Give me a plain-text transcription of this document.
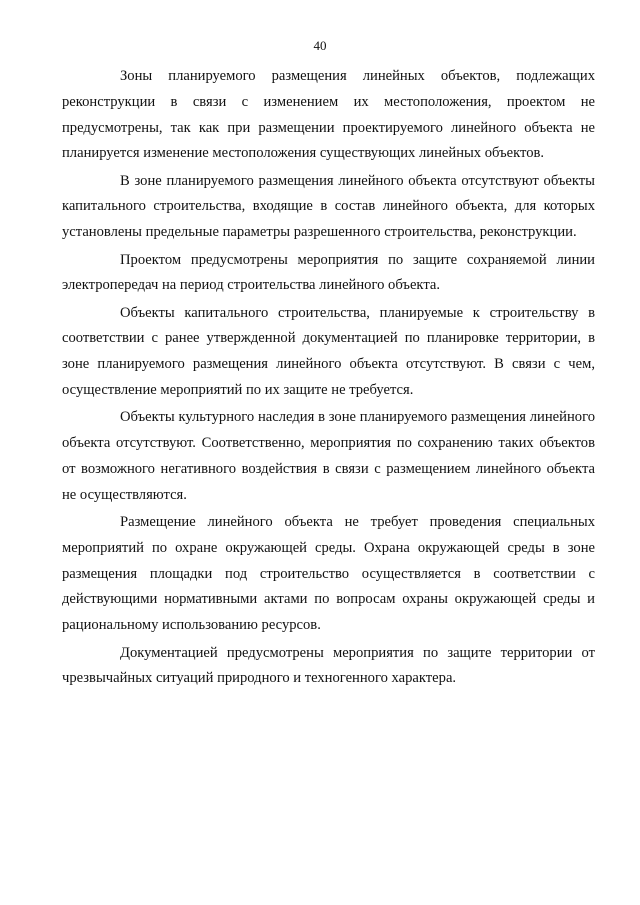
40

Зоны планируемого размещения линейных объектов, подлежащих реконструкции в связи с изменением их местоположения, проектом не предусмотрены, так как при размещении проектируемого линейного объекта не планируется изменение местоположения существующих линейных объектов.

В зоне планируемого размещения линейного объекта отсутствуют объекты капитального строительства, входящие в состав линейного объекта, для которых установлены предельные параметры разрешенного строительства, реконструкции.

Проектом предусмотрены мероприятия по защите сохраняемой линии электропередач на период строительства линейного объекта.

Объекты капитального строительства, планируемые к строительству в соответствии с ранее утвержденной документацией по планировке территории, в зоне планируемого размещения линейного объекта отсутствуют. В связи с чем, осуществление мероприятий по их защите не требуется.

Объекты культурного наследия в зоне планируемого размещения линейного объекта отсутствуют. Соответственно, мероприятия по сохранению таких объектов от возможного негативного воздействия в связи с размещением линейного объекта не осуществляются.

Размещение линейного объекта не требует проведения специальных мероприятий по охране окружающей среды. Охрана окружающей среды в зоне размещения площадки под строительство осуществляется в соответствии с действующими нормативными актами по вопросам охраны окружающей среды и рациональному использованию ресурсов.

Документацией предусмотрены мероприятия по защите территории от чрезвычайных ситуаций природного и техногенного характера.
